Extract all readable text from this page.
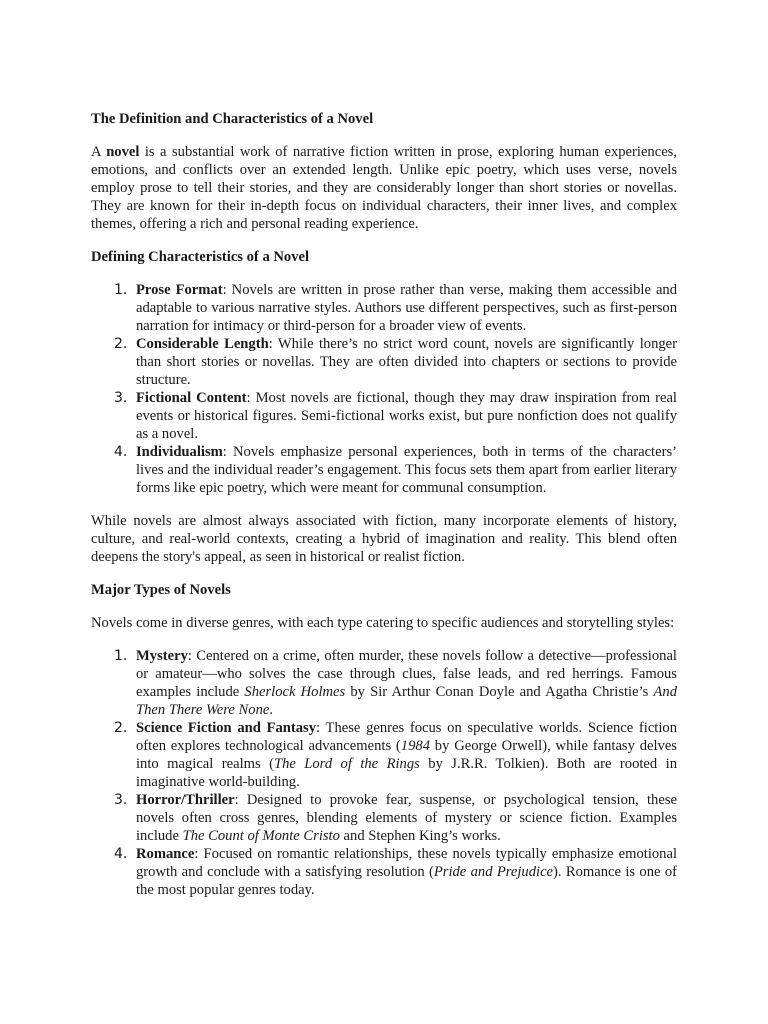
The Definition and Characteristics of a Novel

A novel is a substantial work of narrative fiction written in prose, exploring human experiences, emotions, and conflicts over an extended length. Unlike epic poetry, which uses verse, novels employ prose to tell their stories, and they are considerably longer than short stories or novellas. They are known for their in-depth focus on individual characters, their inner lives, and complex themes, offering a rich and personal reading experience.

Defining Characteristics of a Novel
1. Prose Format: Novels are written in prose rather than verse, making them accessible and adaptable to various narrative styles. Authors use different perspectives, such as first-person narration for intimacy or third-person for a broader view of events.
2. Considerable Length: While there’s no strict word count, novels are significantly longer than short stories or novellas. They are often divided into chapters or sections to provide structure.
3. Fictional Content: Most novels are fictional, though they may draw inspiration from real events or historical figures. Semi-fictional works exist, but pure nonfiction does not qualify as a novel.
4. Individualism: Novels emphasize personal experiences, both in terms of the characters’ lives and the individual reader’s engagement. This focus sets them apart from earlier literary forms like epic poetry, which were meant for communal consumption.

While novels are almost always associated with fiction, many incorporate elements of history, culture, and real-world contexts, creating a hybrid of imagination and reality. This blend often deepens the story's appeal, as seen in historical or realist fiction.

Major Types of Novels

Novels come in diverse genres, with each type catering to specific audiences and storytelling styles:

1. Mystery: Centered on a crime, often murder, these novels follow a detective—professional or amateur—who solves the case through clues, false leads, and red herrings. Famous examples include Sherlock Holmes by Sir Arthur Conan Doyle and Agatha Christie’s And Then There Were None.
2. Science Fiction and Fantasy: These genres focus on speculative worlds. Science fiction often explores technological advancements (1984 by George Orwell), while fantasy delves into magical realms (The Lord of the Rings by J.R.R. Tolkien). Both are rooted in imaginative world-building.
3. Horror/Thriller: Designed to provoke fear, suspense, or psychological tension, these novels often cross genres, blending elements of mystery or science fiction. Examples include The Count of Monte Cristo and Stephen King’s works.
4. Romance: Focused on romantic relationships, these novels typically emphasize emotional growth and conclude with a satisfying resolution (Pride and Prejudice). Romance is one of the most popular genres today.
